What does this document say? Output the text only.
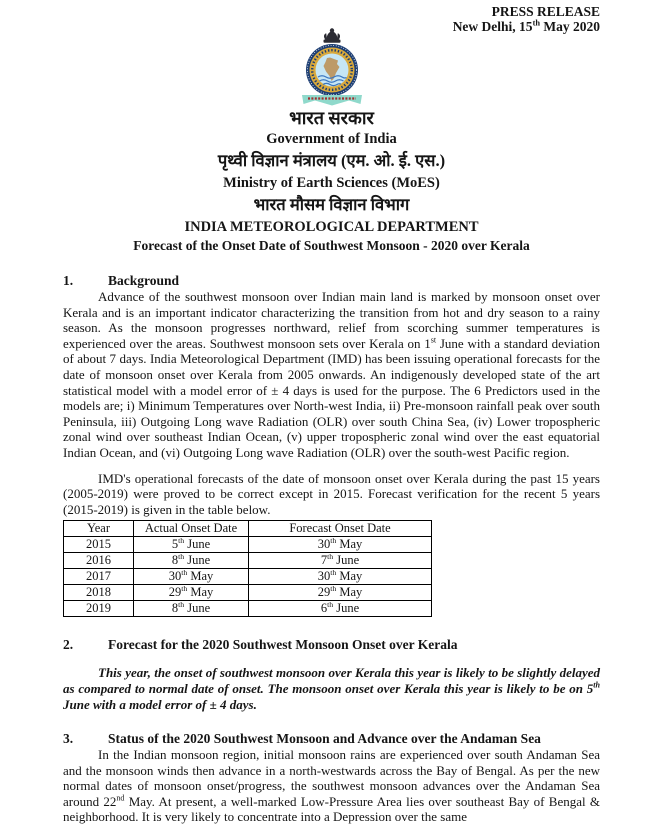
PRESS RELEASE
New Delhi, 15th May 2020
भारत सरकार
Government of India
पृथ्वी विज्ञान मंत्रालय (एम. ओ. ई. एस.)
Ministry of Earth Sciences (MoES)
भारत मौसम विज्ञान विभाग
INDIA METEOROLOGICAL DEPARTMENT
Forecast of the Onset Date of Southwest Monsoon - 2020 over Kerala
1.	Background

Advance of the southwest monsoon over Indian main land is marked by monsoon onset over Kerala and is an important indicator characterizing the transition from hot and dry season to a rainy season. As the monsoon progresses northward, relief from scorching summer temperatures is experienced over the areas. Southwest monsoon sets over Kerala on 1st June with a standard deviation of about 7 days. India Meteorological Department (IMD) has been issuing operational forecasts for the date of monsoon onset over Kerala from 2005 onwards. An indigenously developed state of the art statistical model with a model error of ± 4 days is used for the purpose. The 6 Predictors used in the models are; i) Minimum Temperatures over North-west India, ii) Pre-monsoon rainfall peak over south Peninsula, iii) Outgoing Long wave Radiation (OLR) over south China Sea, (iv) Lower tropospheric zonal wind over southeast Indian Ocean, (v) upper tropospheric zonal wind over the east equatorial Indian Ocean, and (vi) Outgoing Long wave Radiation (OLR) over the south-west Pacific region.

IMD's operational forecasts of the date of monsoon onset over Kerala during the past 15 years (2005-2019) were proved to be correct except in 2015. Forecast verification for the recent 5 years (2015-2019) is given in the table below.

Year	Actual Onset Date	Forecast Onset Date
2015	5th June	30th May
2016	8th June	7th June
2017	30th May	30th May
2018	29th May	29th May
2019	8th June	6th June
2.	Forecast for the 2020 Southwest Monsoon Onset over Kerala

This year, the onset of southwest monsoon over Kerala this year is likely to be slightly delayed as compared to normal date of onset. The monsoon onset over Kerala this year is likely to be on 5th June with a model error of ± 4 days.

3.	Status of the 2020 Southwest Monsoon and Advance over the Andaman Sea

In the Indian monsoon region, initial monsoon rains are experienced over south Andaman Sea and the monsoon winds then advance in a north-westwards across the Bay of Bengal. As per the new normal dates of monsoon onset/progress, the southwest monsoon advances over the Andaman Sea around 22nd May. At present, a well-marked Low-Pressure Area lies over southeast Bay of Bengal & neighborhood. It is very likely to concentrate into a Depression over the same
